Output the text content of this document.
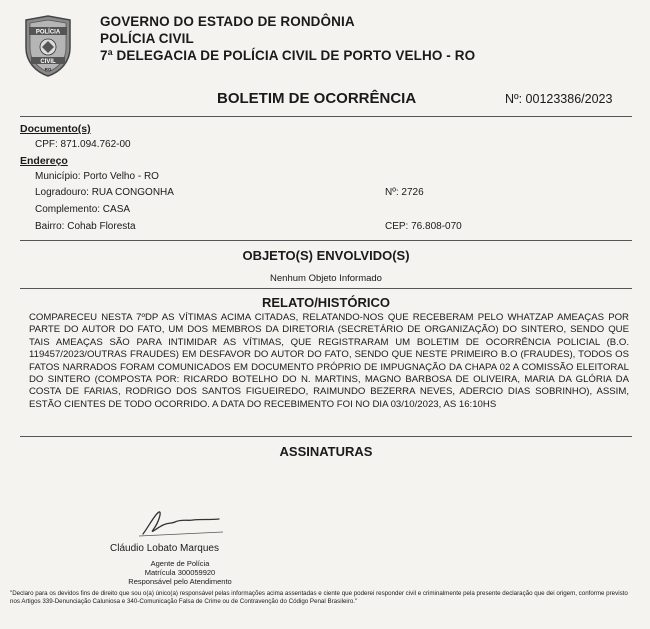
POLÍCIA
CIVIL
RO
GOVERNO DO ESTADO DE RONDÔNIA
POLÍCIA CIVIL
7ª DELEGACIA DE POLÍCIA CIVIL DE PORTO VELHO - RO
BOLETIM DE OCORRÊNCIA	Nº: 00123386/2023
Documento(s)
CPF: 871.094.762-00
Endereço
Município: Porto Velho - RO
Logradouro: RUA CONGONHA	Nº: 2726
Complemento: CASA
Bairro: Cohab Floresta	CEP: 76.808-070
OBJETO(S) ENVOLVIDO(S)
Nenhum Objeto Informado
RELATO/HISTÓRICO
COMPARECEU NESTA 7ºDP AS VÍTIMAS ACIMA CITADAS, RELATANDO-NOS QUE RECEBERAM PELO WHATZAP AMEAÇAS POR PARTE DO AUTOR DO FATO, UM DOS MEMBROS DA DIRETORIA (SECRETÁRIO DE ORGANIZAÇÃO) DO SINTERO, SENDO QUE TAIS AMEAÇAS SÃO PARA INTIMIDAR AS VÍTIMAS, QUE REGISTRARAM UM BOLETIM DE OCORRÊNCIA POLICIAL (B.O. 119457/2023/OUTRAS FRAUDES) EM DESFAVOR DO AUTOR DO FATO, SENDO QUE NESTE PRIMEIRO B.O (FRAUDES), TODOS OS FATOS NARRADOS FORAM COMUNICADOS EM DOCUMENTO PRÓPRIO DE IMPUGNAÇÃO DA CHAPA 02 A COMISSÃO ELEITORAL DO SINTERO (COMPOSTA POR: RICARDO BOTELHO DO N. MARTINS, MAGNO BARBOSA DE OLIVEIRA, MARIA DA GLÓRIA DA COSTA DE FARIAS, RODRIGO DOS SANTOS FIGUEIREDO, RAIMUNDO BEZERRA NEVES, ADERCIO DIAS SOBRINHO), ASSIM, ESTÃO CIENTES DE TODO OCORRIDO. A DATA DO RECEBIMENTO FOI NO DIA 03/10/2023, AS 16:10HS
ASSINATURAS
Cláudio Lobato Marques
Agente de Polícia
Matrícula 300059920
Responsável pelo Atendimento
"Declaro para os devidos fins de direito que sou o(a) único(a) responsável pelas informações acima assentadas e ciente que poderei responder civil e criminalmente pela presente declaração que dei origem, conforme previsto nos Artigos 339-Denunciação Caluniosa e 340-Comunicação Falsa de Crime ou de Contravenção do Código Penal Brasileiro."
